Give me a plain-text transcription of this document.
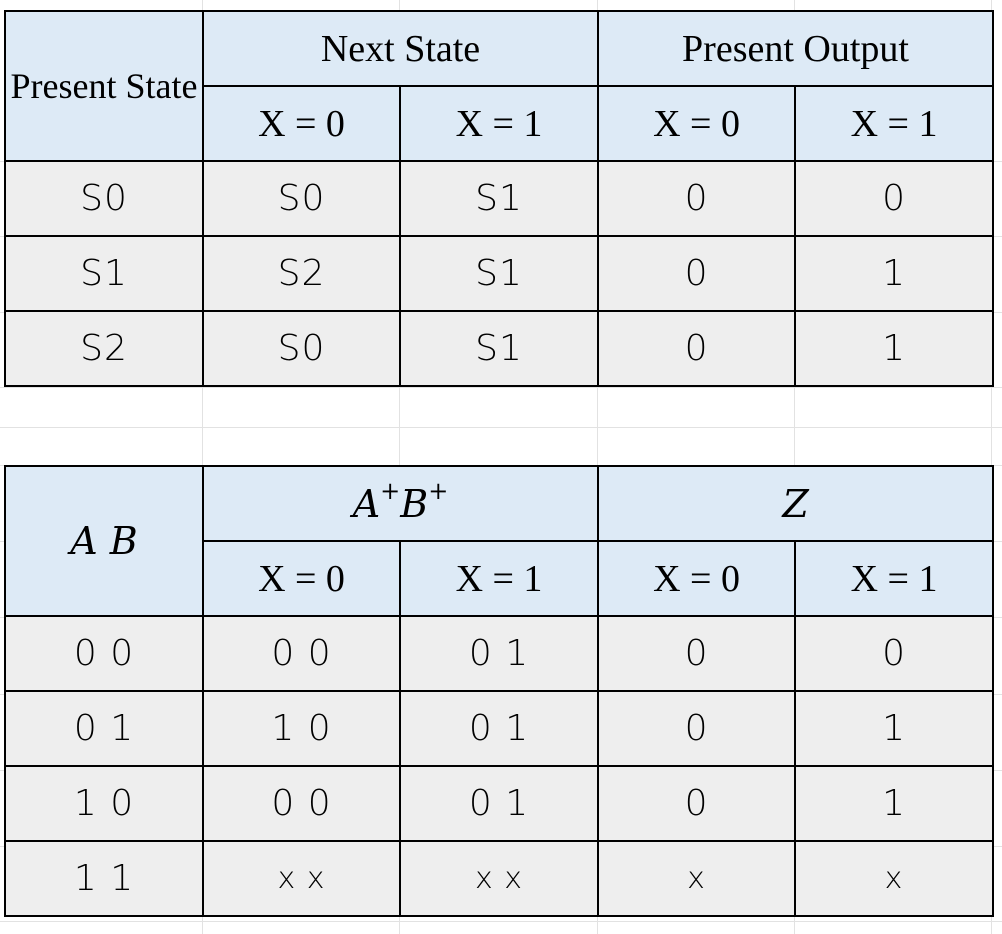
Present State	Next State		Present Output	
	X = 0	X = 1	X = 0	X = 1
S0	S0	S1	0	0
S1	S2	S1	0	1
S2	S0	S1	0	1
A B	A+B+		Z	
	X = 0	X = 1	X = 0	X = 1
0 0	0 0	0 1	0	0
0 1	1 0	0 1	0	1
1 0	0 0	0 1	0	1
1 1	x x	x x	x	x
